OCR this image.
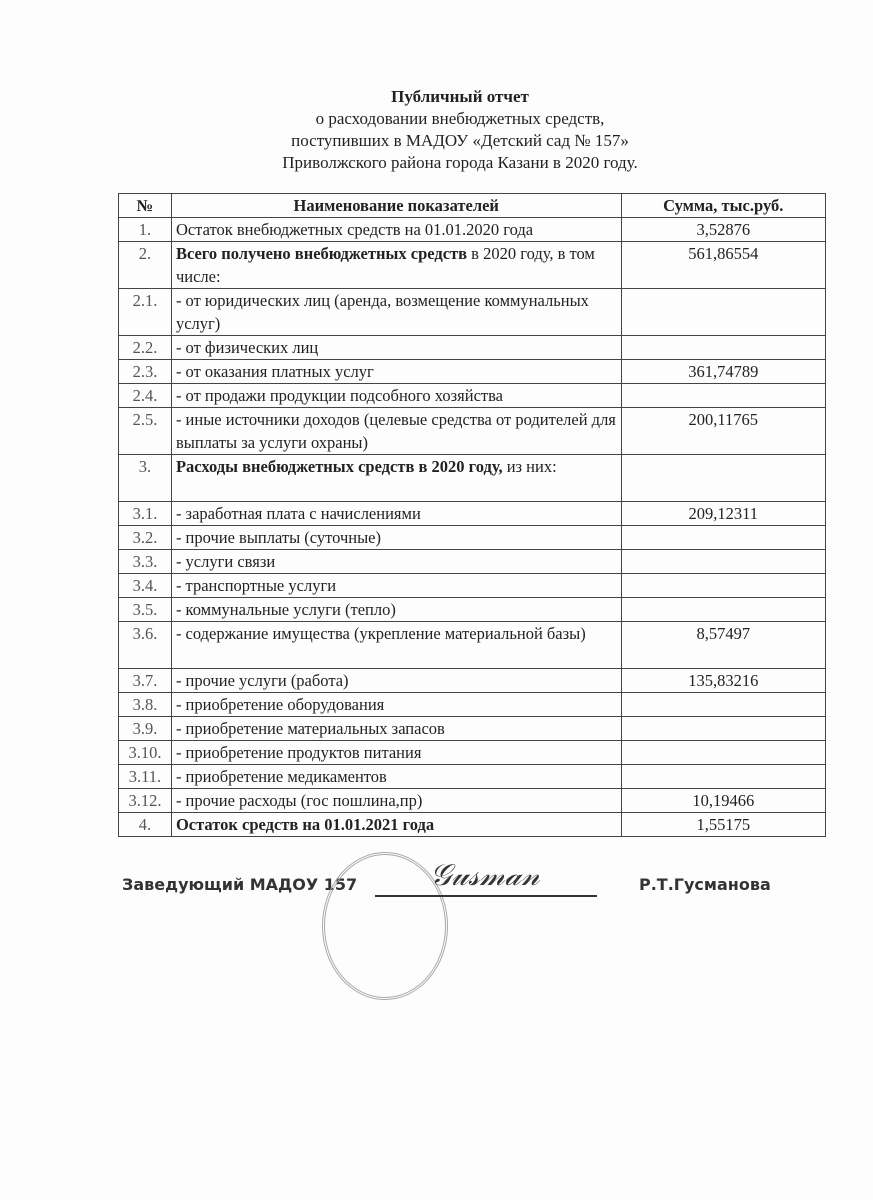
Публичный отчет
о расходовании внебюджетных средств,
поступивших в МАДОУ «Детский сад № 157»
Приволжского района города Казани в 2020 году.
№	Наименование показателей	Сумма, тыс.руб.
1.	Остаток внебюджетных средств на 01.01.2020 года	3,52876
2.	Всего получено внебюджетных средств в 2020 году, в том числе:	561,86554
2.1.	- от юридических лиц (аренда, возмещение коммунальных услуг)	
2.2.	- от физических лиц	
2.3.	- от оказания платных услуг	361,74789
2.4.	- от продажи продукции подсобного хозяйства	
2.5.	- иные источники доходов (целевые средства от родителей для выплаты за услуги охраны)	200,11765
3.	Расходы внебюджетных средств в 2020 году, из них:	
3.1.	- заработная плата с начислениями	209,12311
3.2.	- прочие выплаты (суточные)	
3.3.	- услуги связи	
3.4.	- транспортные услуги	
3.5.	- коммунальные услуги (тепло)	
3.6.	- содержание имущества (укрепление материальной базы)	8,57497
3.7.	- прочие услуги (работа)	135,83216
3.8.	- приобретение оборудования	
3.9.	- приобретение материальных запасов	
3.10.	- приобретение продуктов питания	
3.11.	- приобретение медикаментов	
3.12.	- прочие расходы (гос пошлина,пр)	10,19466
4.	Остаток средств на 01.01.2021 года	1,55175
Заведующий МАДОУ 157 𝒢𝓊𝓈𝓂𝒶𝓃	Р.Т.Гусманова
